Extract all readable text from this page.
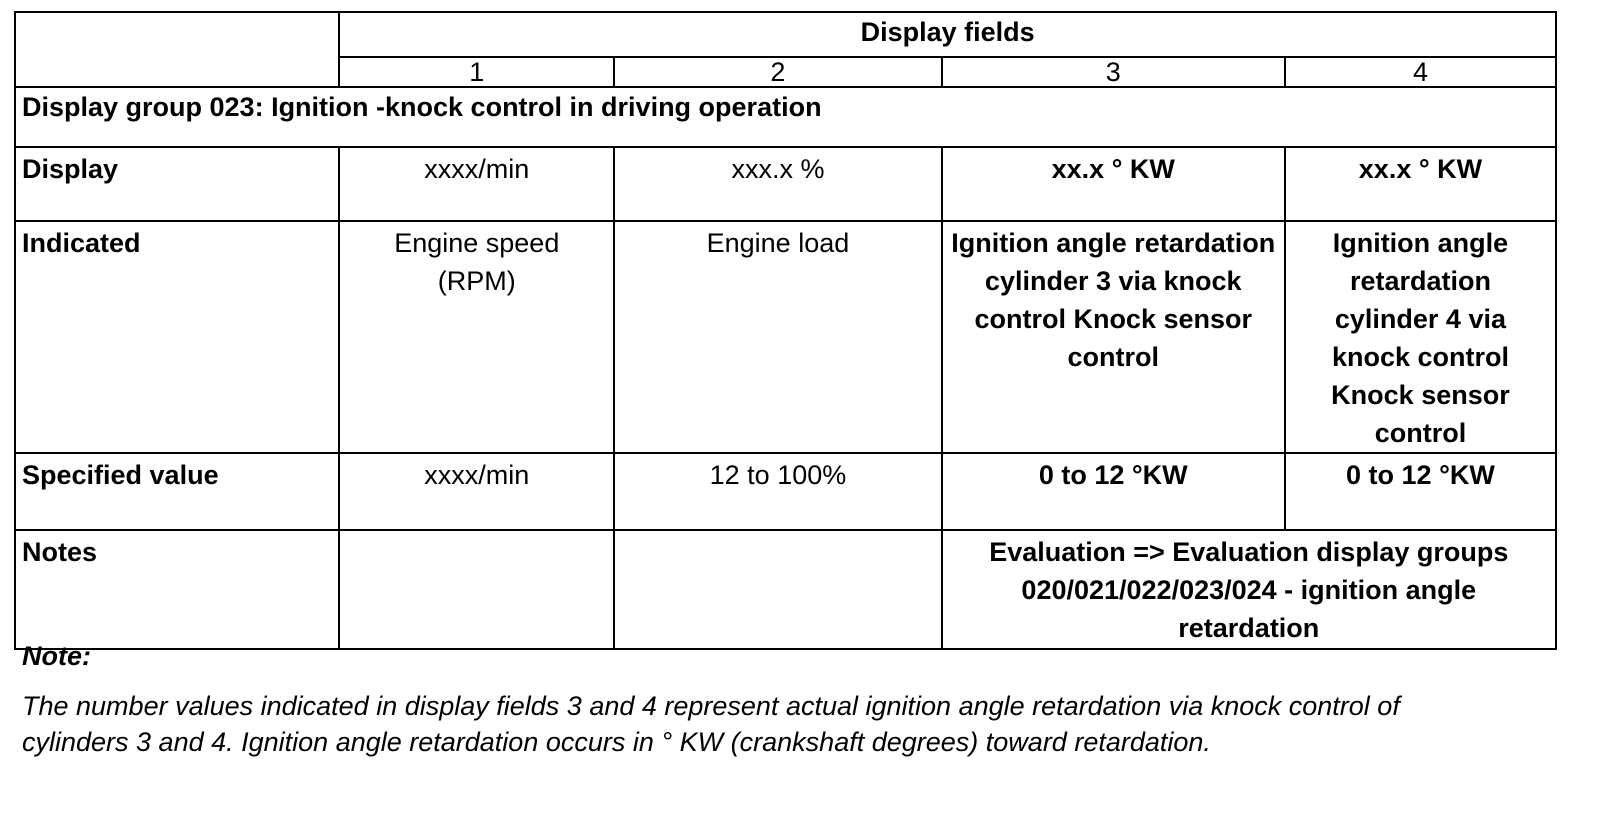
	Display fields			
	1	2	3	4
Display group 023: Ignition -knock control in driving operation				
Display	xxxx/min	xxx.x %	xx.x ° KW	xx.x ° KW
Indicated	Engine speed (RPM)	Engine load	Ignition angle retardation cylinder 3 via knock control Knock sensor control	Ignition angle retardation cylinder 4 via knock control Knock sensor control
Specified value	xxxx/min	12 to 100%	0 to 12 °KW	0 to 12 °KW
Notes			Evaluation => Evaluation display groups 020/021/022/023/024 - ignition angle retardation	

Note:

The number values indicated in display fields 3 and 4 represent actual ignition angle retardation via knock control of cylinders 3 and 4. Ignition angle retardation occurs in ° KW (crankshaft degrees) toward retardation.
